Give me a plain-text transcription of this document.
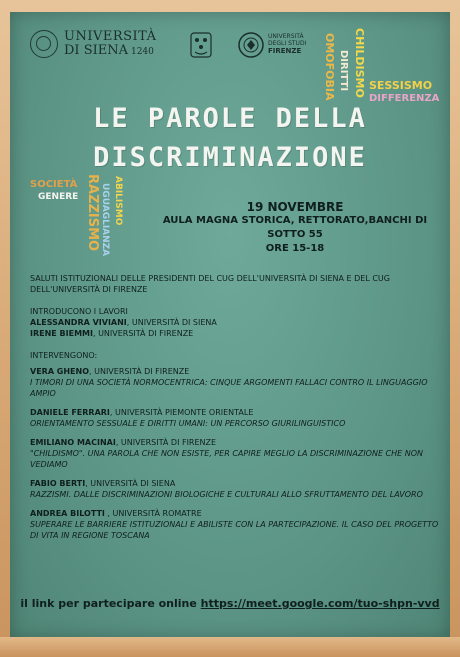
UNIVERSITÀ
DI SIENA 1240
UNIVERSITÀ
DEGLI STUDI
FIRENZE	OMOFOBIA DIRITTI CHILDISMO SESSISMO
DIFFERENZA
LE PAROLE DELLA
DISCRIMINAZIONE
SOCIETÀ
GENERE RAZZISMO ABILISMO
UGUAGLIANZA	19 NOVEMBRE
AULA MAGNA STORICA, RETTORATO,BANCHI DI SOTTO 55
ORE 15-18
SALUTI ISTITUZIONALI DELLE PRESIDENTI DEL CUG DELL'UNIVERSITÀ DI SIENA E DEL CUG DELL'UNIVERSITÀ DI FIRENZE
INTRODUCONO I LAVORI
ALESSANDRA VIVIANI, UNIVERSITÀ DI SIENA
IRENE BIEMMI, UNIVERSITÀ DI FIRENZE
INTERVENGONO:
VERA GHENO, UNIVERSITÀ DI FIRENZE
I TIMORI DI UNA SOCIETÀ NORMOCENTRICA: CINQUE ARGOMENTI FALLACI CONTRO IL LINGUAGGIO AMPIO
DANIELE FERRARI, UNIVERSITÀ PIEMONTE ORIENTALE
ORIENTAMENTO SESSUALE E DIRITTI UMANI: UN PERCORSO GIURILINGUISTICO
EMILIANO MACINAI, UNIVERSITÀ DI FIRENZE
"CHILDISMO". UNA PAROLA CHE NON ESISTE, PER CAPIRE MEGLIO LA DISCRIMINAZIONE CHE NON VEDIAMO
FABIO BERTI, UNIVERSITÀ DI SIENA
RAZZISMI. DALLE DISCRIMINAZIONI BIOLOGICHE E CULTURALI ALLO SFRUTTAMENTO DEL LAVORO
ANDREA BILOTTI , UNIVERSITÀ ROMATRE
SUPERARE LE BARRIERE ISTITUZIONALI E ABILISTE CON LA PARTECIPAZIONE. IL CASO DEL PROGETTO DI VITA IN REGIONE TOSCANA
il link per partecipare online https://meet.google.com/tuo-shpn-vvd
